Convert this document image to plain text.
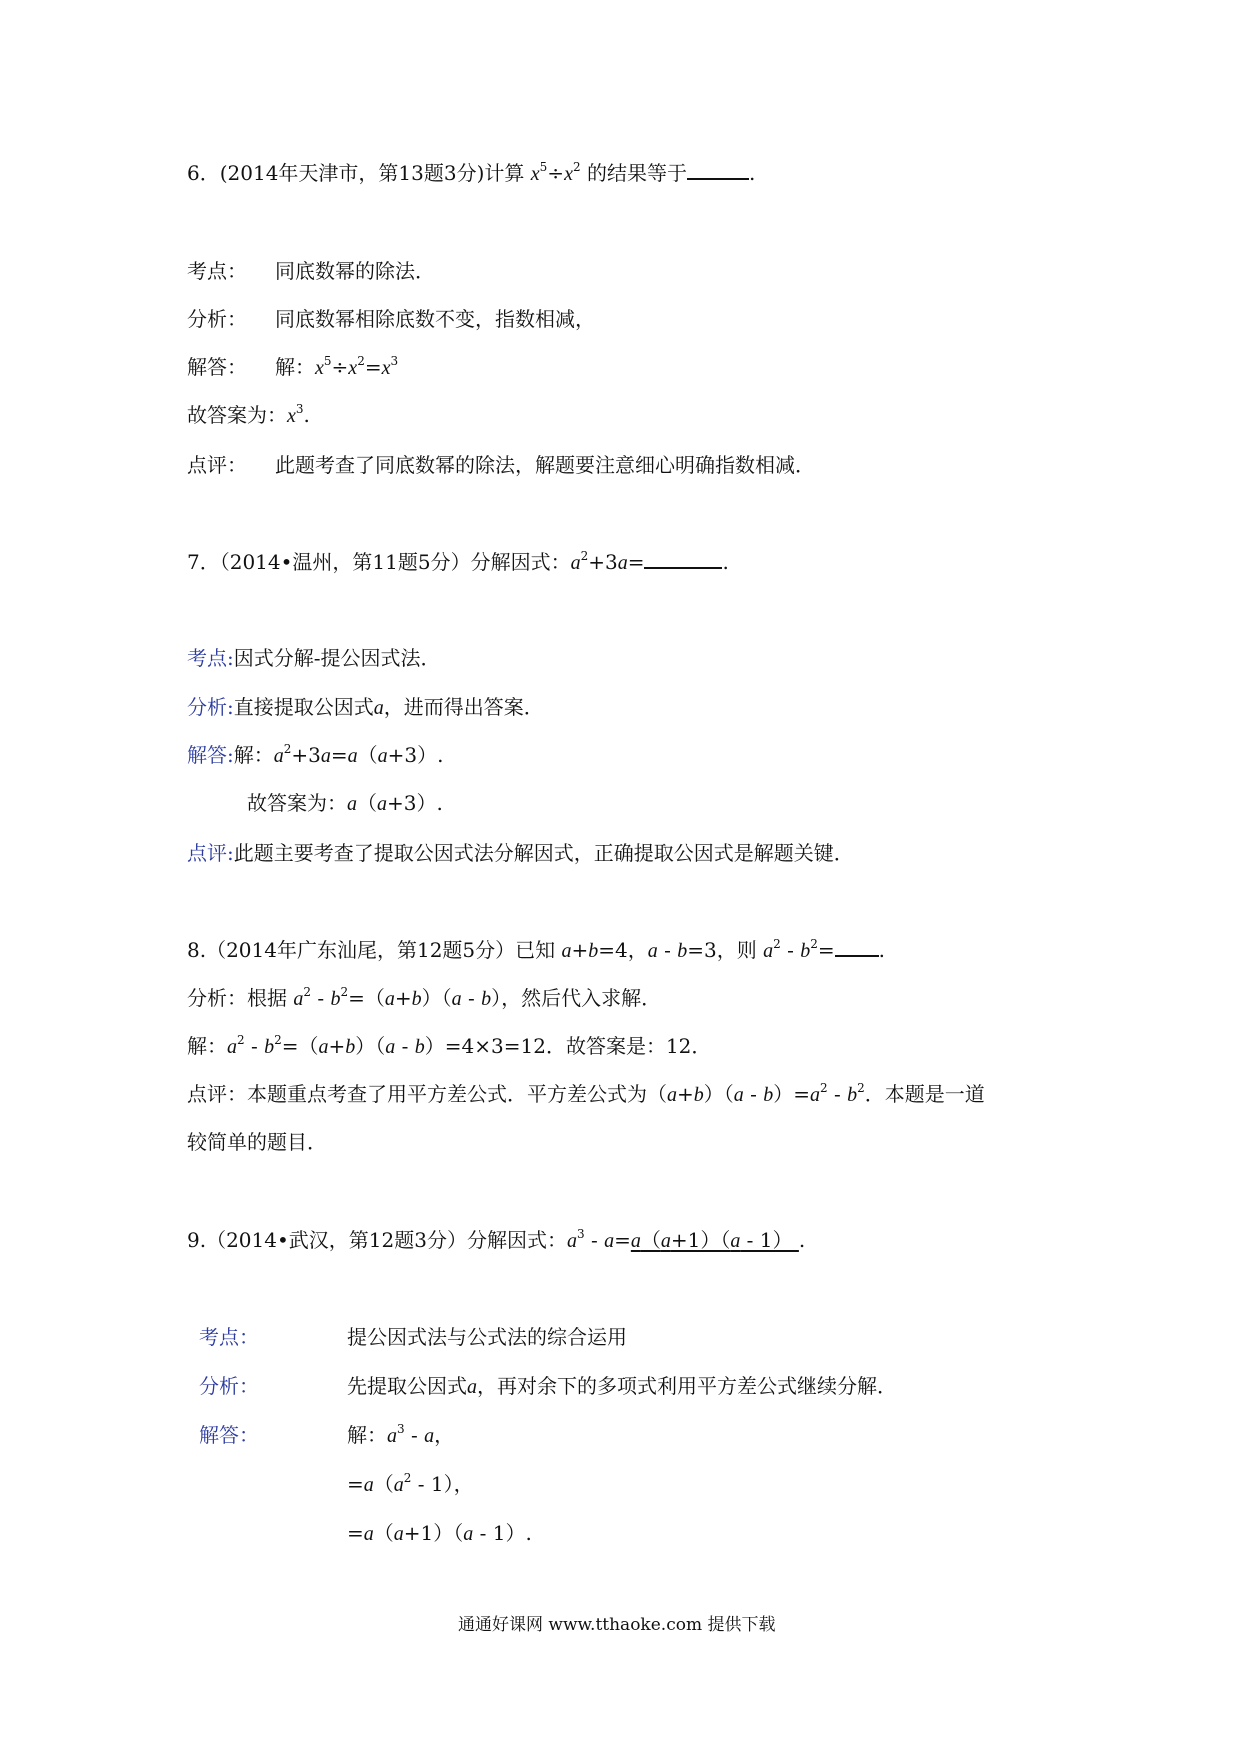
6．(2014年天津市，第13题3分)计算 $x^5\div x^2$ 的结果等于	.
考点： 同底数幂的除法．
分析： 同底数幂相除底数不变，指数相减，
解答： 解：$x^5\div x^2=x^3$
故答案为：$x^3$.
点评： 此题考查了同底数幂的除法，解题要注意细心明确指数相减．
7．（2014•温州，第11题5分）分解因式：$a^2+3a=$	.
考点:因式分解-提公因式法．
分析:直接提取公因式a，进而得出答案．
解答:解：$a^2+3a=a(a+3)$.
故答案为：a（a+3）.
点评:此题主要考查了提取公因式法分解因式，正确提取公因式是解题关键．
8.（2014年广东汕尾，第12题5分）已知 a+b=4，a - b=3，则 $a^2 - b^2=$ .
分析：根据 $a^2 - b^2=(a+b)(a - b)$，然后代入求解．
解：$a^2 - b^2=(a+b)(a - b)=4\times 3=12$．故答案是：12．
点评：本题重点考查了用平方差公式．平方差公式为$(a+b)(a - b)=a^2 - b^2$．本题是一道
较简单的题目．
9.（2014•武汉，第12题3分）分解因式：$a^3 - a=a(a+1)(a - 1)$ .
考点：	提公因式法与公式法的综合运用
分析：	先提取公因式a，再对余下的多项式利用平方差公式继续分解．
解答：	解：$a^3$ - a，
$=a(a^2 - 1)$，
=a（a+1）（a - 1）.
通通好课网 www.tthaoke.com 提供下载
